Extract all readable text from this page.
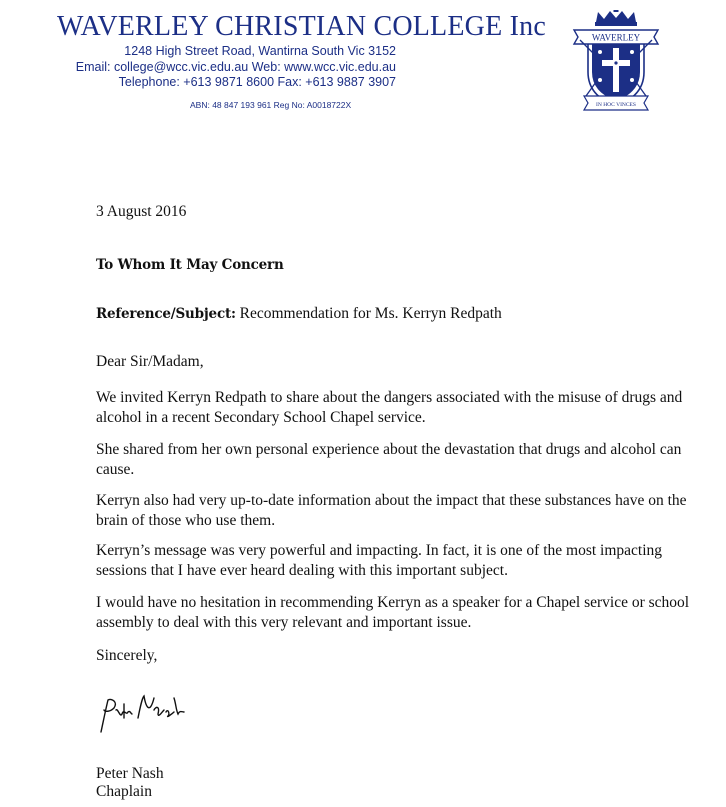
WAVERLEY CHRISTIAN COLLEGE Inc
1248 High Street Road, Wantirna South Vic 3152
Email: college@wcc.vic.edu.au Web: www.wcc.vic.edu.au
Telephone: +613 9871 8600 Fax: +613 9887 3907
ABN: 48 847 193 961 Reg No: A0018722X
WAVERLEY
IN HOC VINCES

3 August 2016

To Whom It May Concern

Reference/Subject: Recommendation for Ms. Kerryn Redpath

Dear Sir/Madam,

We invited Kerryn Redpath to share about the dangers associated with the misuse of drugs and alcohol in a recent Secondary School Chapel service.

She shared from her own personal experience about the devastation that drugs and alcohol can cause.

Kerryn also had very up-to-date information about the impact that these substances have on the brain of those who use them.

Kerryn’s message was very powerful and impacting. In fact, it is one of the most impacting sessions that I have ever heard dealing with this important subject.

I would have no hesitation in recommending Kerryn as a speaker for a Chapel service or school assembly to deal with this very relevant and important issue.

Sincerely,

Peter Nash

Chaplain
